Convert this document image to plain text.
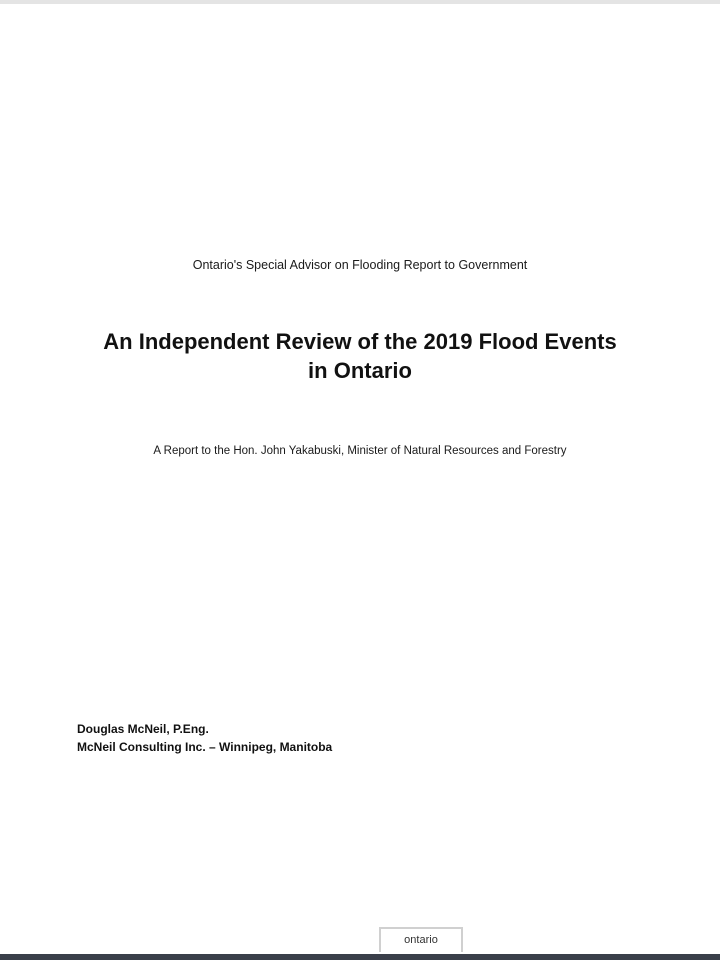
Ontario's Special Advisor on Flooding Report to Government
An Independent Review of the 2019 Flood Events
in Ontario
A Report to the Hon. John Yakabuski, Minister of Natural Resources and Forestry
Douglas McNeil, P.Eng.
McNeil Consulting Inc. – Winnipeg, Manitoba
ontario
